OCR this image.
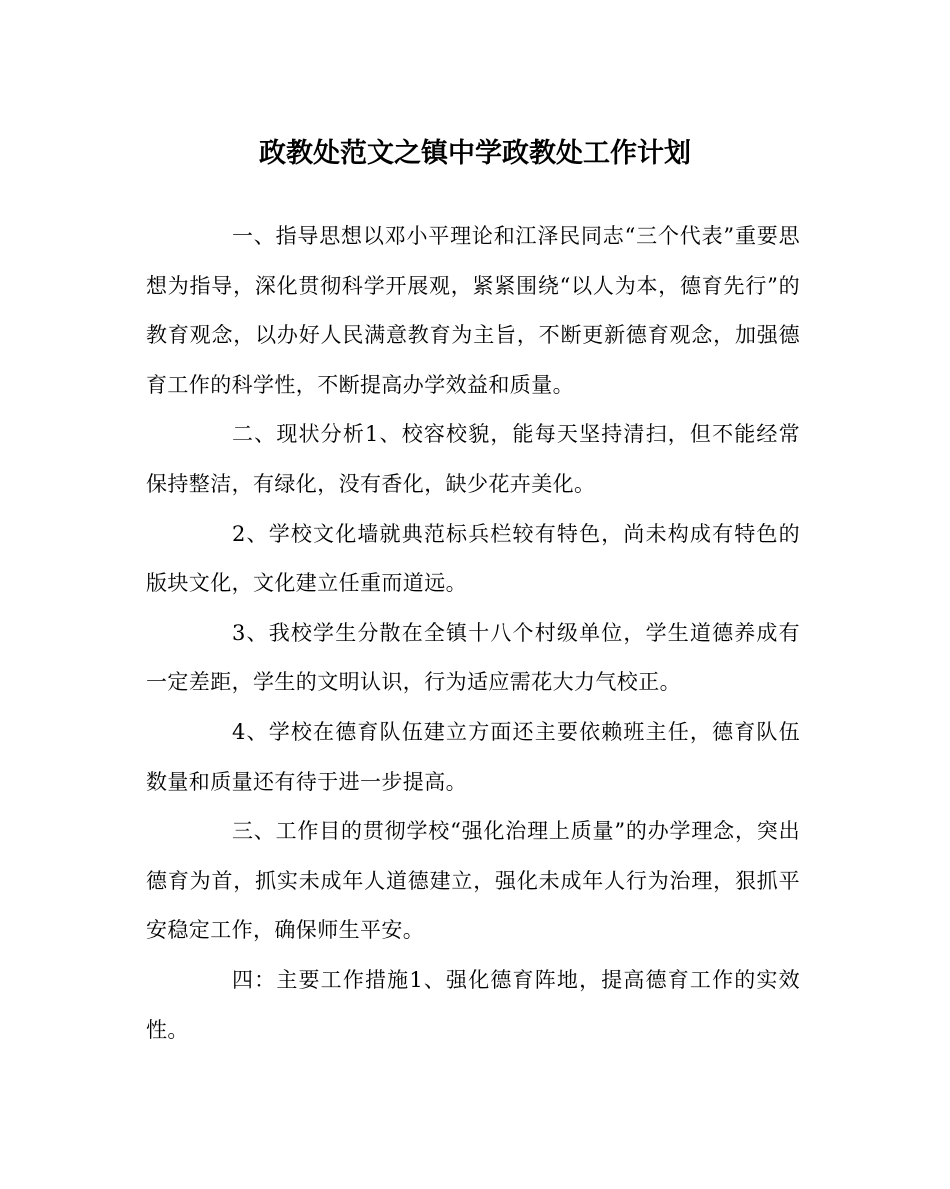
政教处范文之镇中学政教处工作计划

一、指导思想以邓小平理论和江泽民同志“三个代表”重要思想为指导，深化贯彻科学开展观，紧紧围绕“以人为本，德育先行”的教育观念，以办好人民满意教育为主旨，不断更新德育观念，加强德育工作的科学性，不断提高办学效益和质量。

二、现状分析1、校容校貌，能每天坚持清扫，但不能经常保持整洁，有绿化，没有香化，缺少花卉美化。

2、学校文化墙就典范标兵栏较有特色，尚未构成有特色的版块文化，文化建立任重而道远。

3、我校学生分散在全镇十八个村级单位，学生道德养成有一定差距，学生的文明认识，行为适应需花大力气校正。

4、学校在德育队伍建立方面还主要依赖班主任，德育队伍数量和质量还有待于进一步提高。

三、工作目的贯彻学校“强化治理上质量”的办学理念，突出德育为首，抓实未成年人道德建立，强化未成年人行为治理，狠抓平安稳定工作，确保师生平安。

四：主要工作措施1、强化德育阵地，提高德育工作的实效性。
